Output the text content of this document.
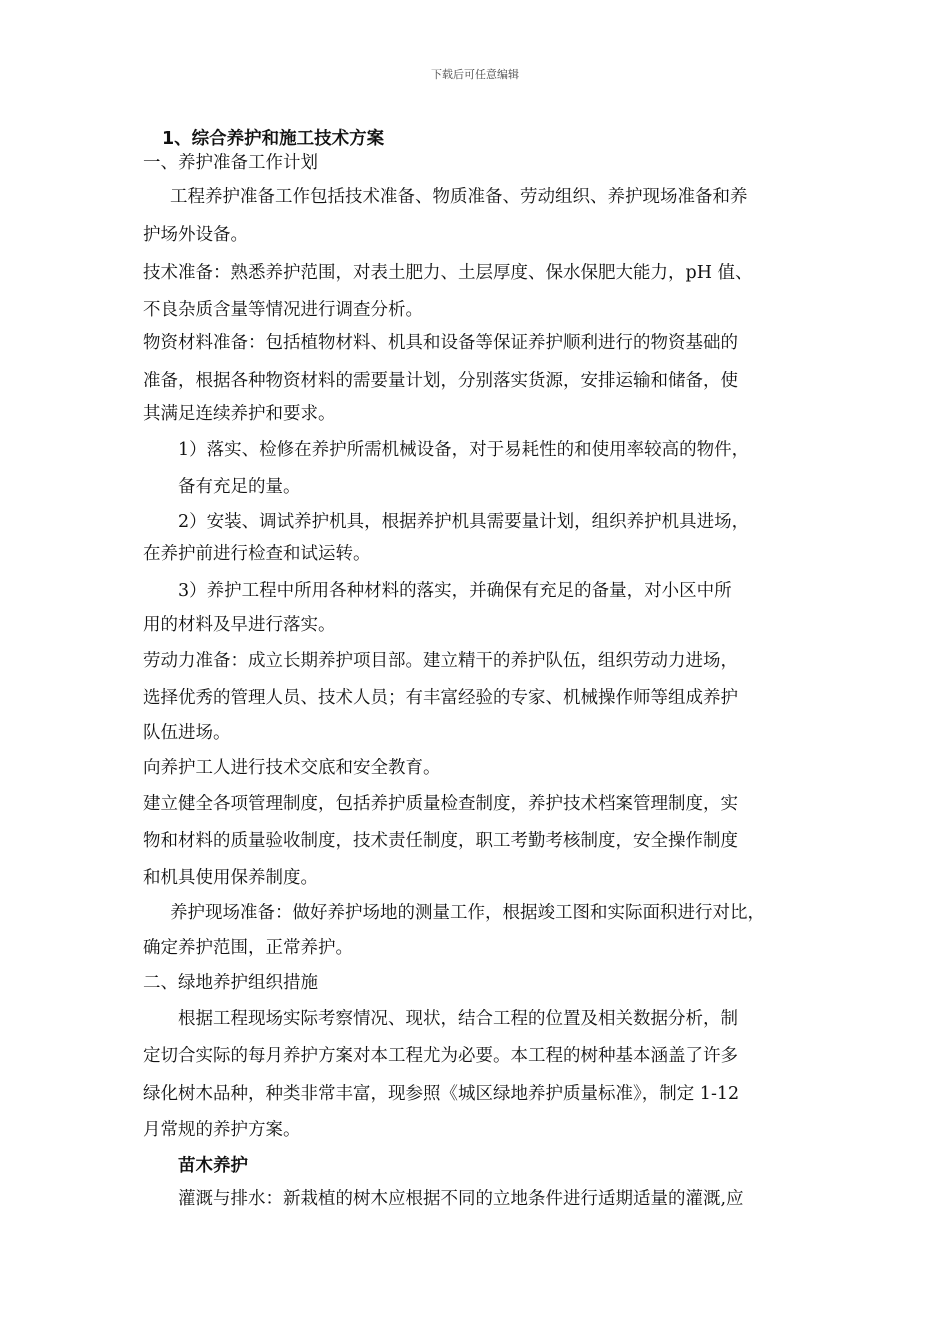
下载后可任意编辑
1、综合养护和施工技术方案
一、养护准备工作计划
工程养护准备工作包括技术准备、物质准备、劳动组织、养护现场准备和养
护场外设备。
技术准备：熟悉养护范围，对表土肥力、土层厚度、保水保肥大能力，pH 值、
不良杂质含量等情况进行调查分析。
物资材料准备：包括植物材料、机具和设备等保证养护顺利进行的物资基础的
准备，根据各种物资材料的需要量计划，分别落实货源，安排运输和储备，使
其满足连续养护和要求。
1）落实、检修在养护所需机械设备，对于易耗性的和使用率较高的物件，
备有充足的量。
2）安装、调试养护机具，根据养护机具需要量计划，组织养护机具进场，
在养护前进行检查和试运转。
3）养护工程中所用各种材料的落实，并确保有充足的备量，对小区中所
用的材料及早进行落实。
劳动力准备：成立长期养护项目部。建立精干的养护队伍，组织劳动力进场，
选择优秀的管理人员、技术人员；有丰富经验的专家、机械操作师等组成养护
队伍进场。
向养护工人进行技术交底和安全教育。
建立健全各项管理制度，包括养护质量检查制度，养护技术档案管理制度，实
物和材料的质量验收制度，技术责任制度，职工考勤考核制度，安全操作制度
和机具使用保养制度。
养护现场准备：做好养护场地的测量工作，根据竣工图和实际面积进行对比，
确定养护范围，正常养护。
二、绿地养护组织措施
根据工程现场实际考察情况、现状，结合工程的位置及相关数据分析，制
定切合实际的每月养护方案对本工程尤为必要。本工程的树种基本涵盖了许多
绿化树木品种，种类非常丰富，现参照《城区绿地养护质量标准》，制定 1-12
月常规的养护方案。
苗木养护
灌溉与排水：新栽植的树木应根据不同的立地条件进行适期适量的灌溉,应
